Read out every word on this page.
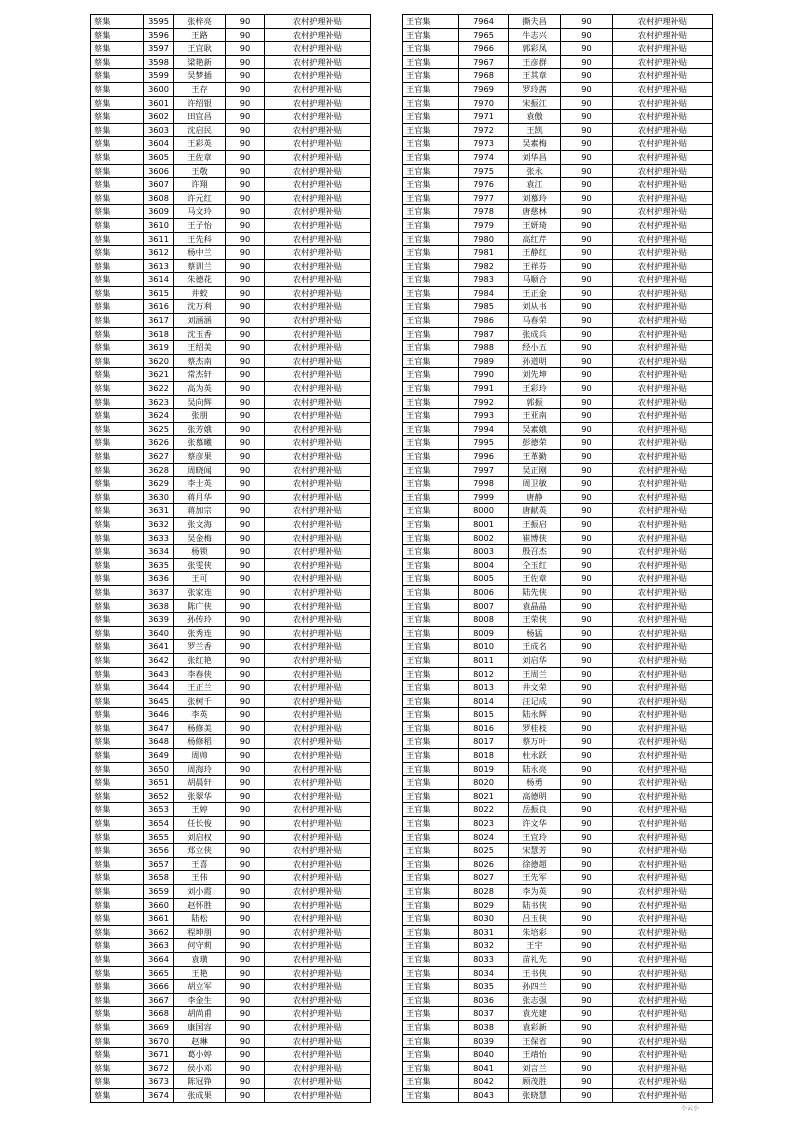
蔡集	3595	张梓亮	90	农村护理补贴
蔡集	3596	王路	90	农村护理补贴
蔡集	3597	王宜耿	90	农村护理补贴
蔡集	3598	梁艳新	90	农村护理补贴
蔡集	3599	吴梦插	90	农村护理补贴
蔡集	3600	王存	90	农村护理补贴
蔡集	3601	许绍银	90	农村护理补贴
蔡集	3602	田宜昌	90	农村护理补贴
蔡集	3603	沈启民	90	农村护理补贴
蔡集	3604	王彩英	90	农村护理补贴
蔡集	3605	王佐章	90	农村护理补贴
蔡集	3606	王敬	90	农村护理补贴
蔡集	3607	许翔	90	农村护理补贴
蔡集	3608	许元红	90	农村护理补贴
蔡集	3609	马文玲	90	农村护理补贴
蔡集	3610	王子怡	90	农村护理补贴
蔡集	3611	王先科	90	农村护理补贴
蔡集	3612	杨中兰	90	农村护理补贴
蔡集	3613	蔡训兰	90	农村护理补贴
蔡集	3614	朱德花	90	农村护理补贴
蔡集	3615	井蛟	90	农村护理补贴
蔡集	3616	沈万利	90	农村护理补贴
蔡集	3617	刘涵涵	90	农村护理补贴
蔡集	3618	沈玉香	90	农村护理补贴
蔡集	3619	王绍美	90	农村护理补贴
蔡集	3620	蔡杰南	90	农村护理补贴
蔡集	3621	常杰轩	90	农村护理补贴
蔡集	3622	高为英	90	农村护理补贴
蔡集	3623	吴向辉	90	农村护理补贴
蔡集	3624	张朋	90	农村护理补贴
蔡集	3625	张芳娥	90	农村护理补贴
蔡集	3626	张慕曦	90	农村护理补贴
蔡集	3627	蔡彦果	90	农村护理补贴
蔡集	3628	周晓闻	90	农村护理补贴
蔡集	3629	李士英	90	农村护理补贴
蔡集	3630	蒋月华	90	农村护理补贴
蔡集	3631	蒋加宗	90	农村护理补贴
蔡集	3632	张文海	90	农村护理补贴
蔡集	3633	吴金梅	90	农村护理补贴
蔡集	3634	杨锁	90	农村护理补贴
蔡集	3635	张雯侠	90	农村护理补贴
蔡集	3636	王可	90	农村护理补贴
蔡集	3637	张家连	90	农村护理补贴
蔡集	3638	陈广侠	90	农村护理补贴
蔡集	3639	孙传玲	90	农村护理补贴
蔡集	3640	张秀连	90	农村护理补贴
蔡集	3641	罗兰香	90	农村护理补贴
蔡集	3642	张红艳	90	农村护理补贴
蔡集	3643	李春侠	90	农村护理补贴
蔡集	3644	王正兰	90	农村护理补贴
蔡集	3645	张树千	90	农村护理补贴
蔡集	3646	李英	90	农村护理补贴
蔡集	3647	杨修美	90	农村护理补贴
蔡集	3648	杨修稻	90	农村护理补贴
蔡集	3649	周帅	90	农村护理补贴
蔡集	3650	周海玲	90	农村护理补贴
蔡集	3651	胡晨轩	90	农村护理补贴
蔡集	3652	张翠华	90	农村护理补贴
蔡集	3653	王婷	90	农村护理补贴
蔡集	3654	任长俊	90	农村护理补贴
蔡集	3655	刘启权	90	农村护理补贴
蔡集	3656	郑立侠	90	农村护理补贴
蔡集	3657	王喜	90	农村护理补贴
蔡集	3658	王伟	90	农村护理补贴
蔡集	3659	刘小霞	90	农村护理补贴
蔡集	3660	赵怀胜	90	农村护理补贴
蔡集	3661	陆松	90	农村护理补贴
蔡集	3662	程坤朋	90	农村护理补贴
蔡集	3663	何守莉	90	农村护理补贴
蔡集	3664	袁璜	90	农村护理补贴
蔡集	3665	王艳	90	农村护理补贴
蔡集	3666	胡立军	90	农村护理补贴
蔡集	3667	李金生	90	农村护理补贴
蔡集	3668	胡尚甫	90	农村护理补贴
蔡集	3669	康国容	90	农村护理补贴
蔡集	3670	赵琳	90	农村护理补贴
蔡集	3671	葛小婷	90	农村护理补贴
蔡集	3672	侯小邓	90	农村护理补贴
蔡集	3673	陈冠铮	90	农村护理补贴
蔡集	3674	张成果	90	农村护理补贴
王官集	7964	撕夫昌	90	农村护理补贴
王官集	7965	牛志兴	90	农村护理补贴
王官集	7966	郭彩凤	90	农村护理补贴
王官集	7967	王彦群	90	农村护理补贴
王官集	7968	王其章	90	农村护理补贴
王官集	7969	罗玲茜	90	农村护理补贴
王官集	7970	宋振江	90	农村护理补贴
王官集	7971	袁傲	90	农村护理补贴
王官集	7972	王凯	90	农村护理补贴
王官集	7973	吴素梅	90	农村护理补贴
王官集	7974	刘华昌	90	农村护理补贴
王官集	7975	张永	90	农村护理补贴
王官集	7976	袁江	90	农村护理补贴
王官集	7977	刘慕玲	90	农村护理补贴
王官集	7978	唐慈林	90	农村护理补贴
王官集	7979	王妍琦	90	农村护理补贴
王官集	7980	高红芹	90	农村护理补贴
王官集	7981	王静红	90	农村护理补贴
王官集	7982	王祥芬	90	农村护理补贴
王官集	7983	马顺合	90	农村护理补贴
王官集	7984	王正金	90	农村护理补贴
王官集	7985	刘从书	90	农村护理补贴
王官集	7986	马春荣	90	农村护理补贴
王官集	7987	张成兵	90	农村护理补贴
王官集	7988	经小五	90	农村护理补贴
王官集	7989	孙道明	90	农村护理补贴
王官集	7990	刘先坤	90	农村护理补贴
王官集	7991	王彩玲	90	农村护理补贴
王官集	7992	郭振	90	农村护理补贴
王官集	7993	王亚南	90	农村护理补贴
王官集	7994	吴素娥	90	农村护理补贴
王官集	7995	彭德荣	90	农村护理补贴
王官集	7996	王革勤	90	农村护理补贴
王官集	7997	吴正刚	90	农村护理补贴
王官集	7998	周卫敏	90	农村护理补贴
王官集	7999	唐静	90	农村护理补贴
王官集	8000	唐献英	90	农村护理补贴
王官集	8001	王振启	90	农村护理补贴
王官集	8002	崔博侠	90	农村护理补贴
王官集	8003	殷召杰	90	农村护理补贴
王官集	8004	仝玉红	90	农村护理补贴
王官集	8005	王佐章	90	农村护理补贴
王官集	8006	陆先侠	90	农村护理补贴
王官集	8007	袁晶晶	90	农村护理补贴
王官集	8008	王荣侠	90	农村护理补贴
王官集	8009	杨猛	90	农村护理补贴
王官集	8010	王成名	90	农村护理补贴
王官集	8011	刘启华	90	农村护理补贴
王官集	8012	王周兰	90	农村护理补贴
王官集	8013	井文荣	90	农村护理补贴
王官集	8014	汪记成	90	农村护理补贴
王官集	8015	陆永辉	90	农村护理补贴
王官集	8016	罗桂枝	90	农村护理补贴
王官集	8017	蔡万叶	90	农村护理补贴
王官集	8018	杜永跃	90	农村护理补贴
王官集	8019	陆永亮	90	农村护理补贴
王官集	8020	杨勇	90	农村护理补贴
王官集	8021	高德明	90	农村护理补贴
王官集	8022	岳振良	90	农村护理补贴
王官集	8023	许文华	90	农村护理补贴
王官集	8024	王宜玲	90	农村护理补贴
王官集	8025	宋慧芳	90	农村护理补贴
王官集	8026	徐德超	90	农村护理补贴
王官集	8027	王先军	90	农村护理补贴
王官集	8028	李为英	90	农村护理补贴
王官集	8029	陆书侠	90	农村护理补贴
王官集	8030	吕玉侠	90	农村护理补贴
王官集	8031	朱培彩	90	农村护理补贴
王官集	8032	王宇	90	农村护理补贴
王官集	8033	苗礼先	90	农村护理补贴
王官集	8034	王书侠	90	农村护理补贴
王官集	8035	孙四兰	90	农村护理补贴
王官集	8036	张志强	90	农村护理补贴
王官集	8037	袁光建	90	农村护理补贴
王官集	8038	袁彩新	90	农村护理补贴
王官集	8039	王保省	90	农村护理补贴
王官集	8040	王靖怡	90	农村护理补贴
王官集	8041	刘言兰	90	农村护理补贴
王官集	8042	顾茂胜	90	农村护理补贴
王官集	8043	张晓慧	90	农村护理补贴
小云小
